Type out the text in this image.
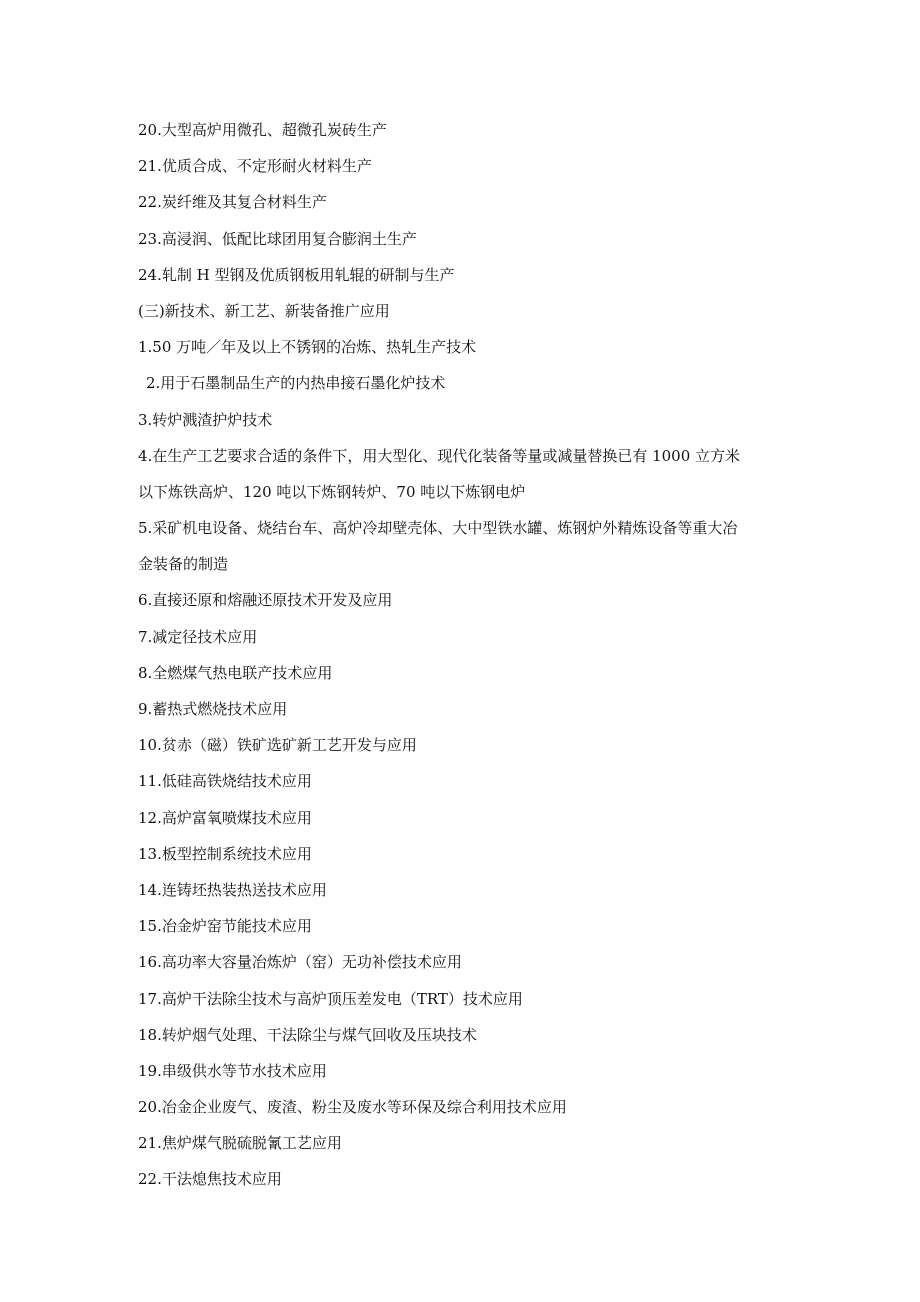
20.大型高炉用微孔、超微孔炭砖生产
21.优质合成、不定形耐火材料生产
22.炭纤维及其复合材料生产
23.高浸润、低配比球团用复合膨润土生产
24.轧制 H 型钢及优质钢板用轧辊的研制与生产
(三)新技术、新工艺、新装备推广应用
1.50 万吨／年及以上不锈钢的冶炼、热轧生产技术
2.用于石墨制品生产的内热串接石墨化炉技术
3.转炉溅渣护炉技术
4.在生产工艺要求合适的条件下，用大型化、现代化装备等量或减量替换已有 1000 立方米
以下炼铁高炉、120 吨以下炼钢转炉、70 吨以下炼钢电炉
5.采矿机电设备、烧结台车、高炉冷却壁壳体、大中型铁水罐、炼钢炉外精炼设备等重大冶
金装备的制造
6.直接还原和熔融还原技术开发及应用
7.减定径技术应用
8.全燃煤气热电联产技术应用
9.蓄热式燃烧技术应用
10.贫赤（磁）铁矿选矿新工艺开发与应用
11.低硅高铁烧结技术应用
12.高炉富氧喷煤技术应用
13.板型控制系统技术应用
14.连铸坯热装热送技术应用
15.冶金炉窑节能技术应用
16.高功率大容量冶炼炉（窑）无功补偿技术应用
17.高炉干法除尘技术与高炉顶压差发电（TRT）技术应用
18.转炉烟气处理、干法除尘与煤气回收及压块技术
19.串级供水等节水技术应用
20.冶金企业废气、废渣、粉尘及废水等环保及综合利用技术应用
21.焦炉煤气脱硫脱氰工艺应用
22.干法熄焦技术应用
